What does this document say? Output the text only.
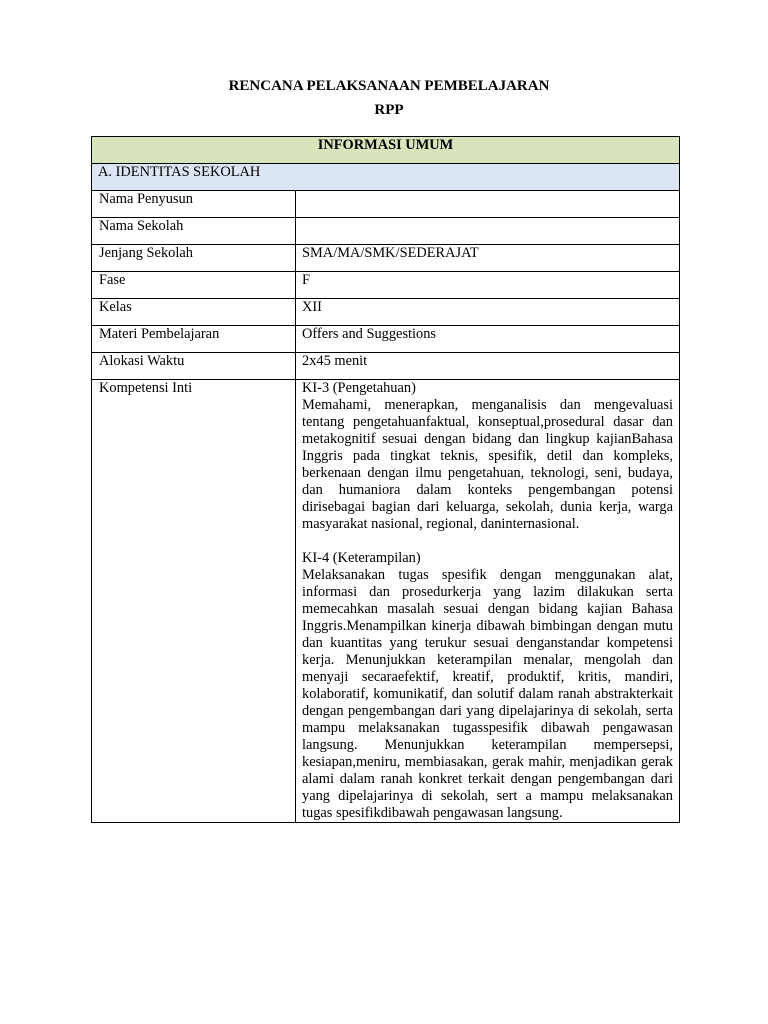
RENCANA PELAKSANAAN PEMBELAJARAN
RPP
INFORMASI UMUM	
A. IDENTITAS SEKOLAH	
Nama Penyusun	
Nama Sekolah	
Jenjang Sekolah	SMA/MA/SMK/SEDERAJAT
Fase	F
Kelas	XII
Materi Pembelajaran	Offers and Suggestions
Alokasi Waktu	2x45 menit
Kompetensi Inti	KI-3 (Pengetahuan)

Memahami, menerapkan, menganalisis dan mengevaluasi tentang pengetahuanfaktual, konseptual,prosedural dasar dan metakognitif sesuai dengan bidang dan lingkup kajianBahasa Inggris pada tingkat teknis, spesifik, detil dan kompleks, berkenaan dengan ilmu pengetahuan, teknologi, seni, budaya, dan humaniora dalam konteks pengembangan potensi dirisebagai bagian dari keluarga, sekolah, dunia kerja, warga masyarakat nasional, regional, daninternasional.

KI-4 (Keterampilan)

Melaksanakan tugas spesifik dengan menggunakan alat, informasi dan prosedurkerja yang lazim dilakukan serta memecahkan masalah sesuai dengan bidang kajian Bahasa Inggris.Menampilkan kinerja dibawah bimbingan dengan mutu dan kuantitas yang terukur sesuai denganstandar kompetensi kerja. Menunjukkan keterampilan menalar, mengolah dan menyaji secaraefektif, kreatif, produktif, kritis, mandiri, kolaboratif, komunikatif, dan solutif dalam ranah abstrakterkait dengan pengembangan dari yang dipelajarinya di sekolah, serta mampu melaksanakan tugasspesifik dibawah pengawasan langsung. Menunjukkan keterampilan mempersepsi, kesiapan,meniru, membiasakan, gerak mahir, menjadikan gerak alami dalam ranah konkret terkait dengan pengembangan dari yang dipelajarinya di sekolah, sert a mampu melaksanakan tugas spesifikdibawah pengawasan langsung.
